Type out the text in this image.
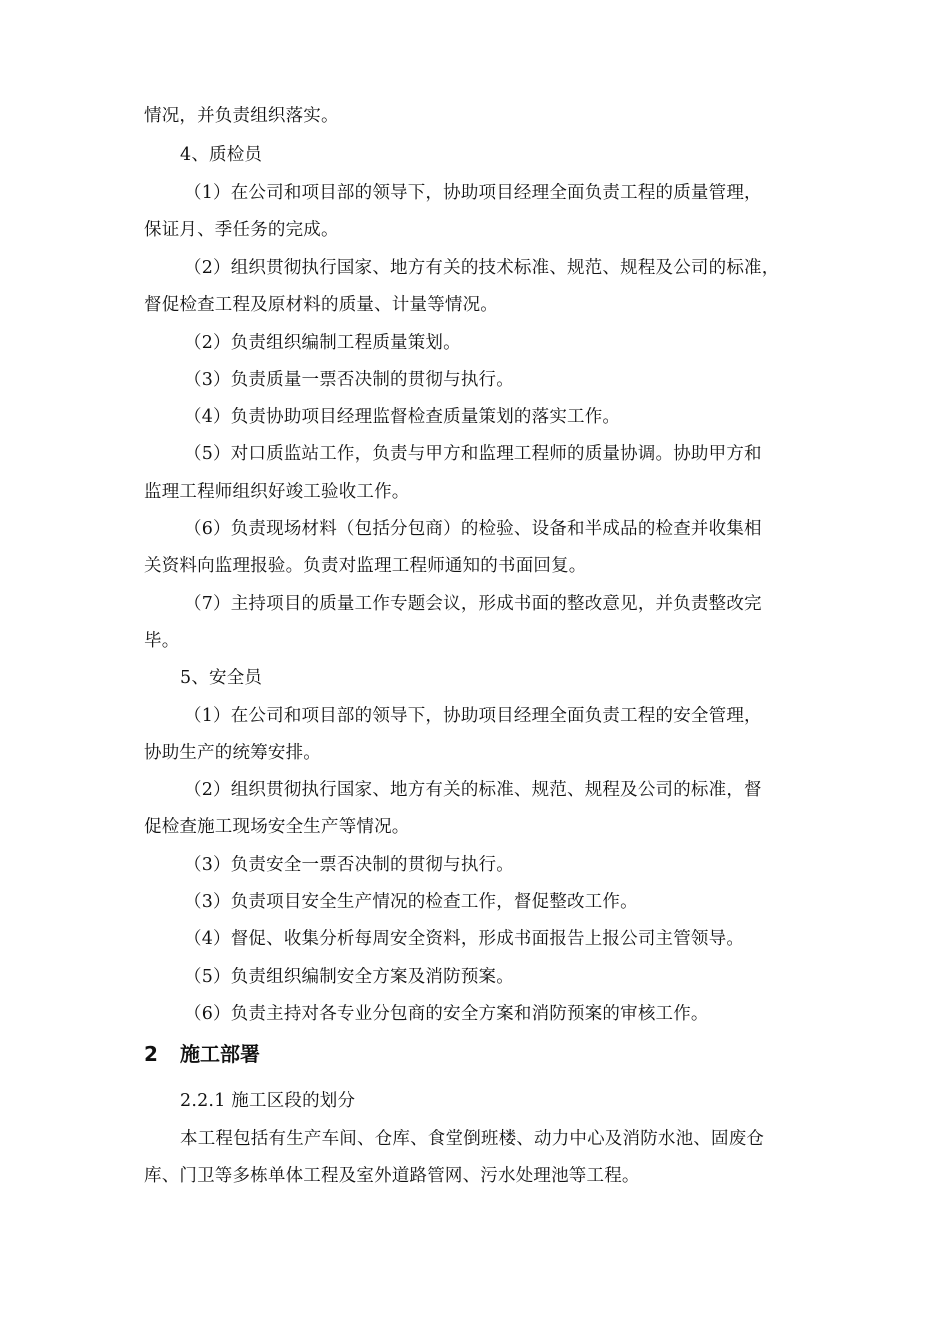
情况，并负责组织落实。
4、质检员
（1）在公司和项目部的领导下，协助项目经理全面负责工程的质量管理，
保证月、季任务的完成。
（2）组织贯彻执行国家、地方有关的技术标准、规范、规程及公司的标准，
督促检查工程及原材料的质量、计量等情况。
（2）负责组织编制工程质量策划。
（3）负责质量一票否决制的贯彻与执行。
（4）负责协助项目经理监督检查质量策划的落实工作。
（5）对口质监站工作，负责与甲方和监理工程师的质量协调。协助甲方和
监理工程师组织好竣工验收工作。
（6）负责现场材料（包括分包商）的检验、设备和半成品的检查并收集相
关资料向监理报验。负责对监理工程师通知的书面回复。
（7）主持项目的质量工作专题会议，形成书面的整改意见，并负责整改完
毕。
5、安全员
（1）在公司和项目部的领导下，协助项目经理全面负责工程的安全管理，
协助生产的统筹安排。
（2）组织贯彻执行国家、地方有关的标准、规范、规程及公司的标准，督
促检查施工现场安全生产等情况。
（3）负责安全一票否决制的贯彻与执行。
（3）负责项目安全生产情况的检查工作，督促整改工作。
（4）督促、收集分析每周安全资料，形成书面报告上报公司主管领导。
（5）负责组织编制安全方案及消防预案。
（6）负责主持对各专业分包商的安全方案和消防预案的审核工作。
2 施工部署
2.2.1 施工区段的划分
本工程包括有生产车间、仓库、食堂倒班楼、动力中心及消防水池、固废仓
库、门卫等多栋单体工程及室外道路管网、污水处理池等工程。
